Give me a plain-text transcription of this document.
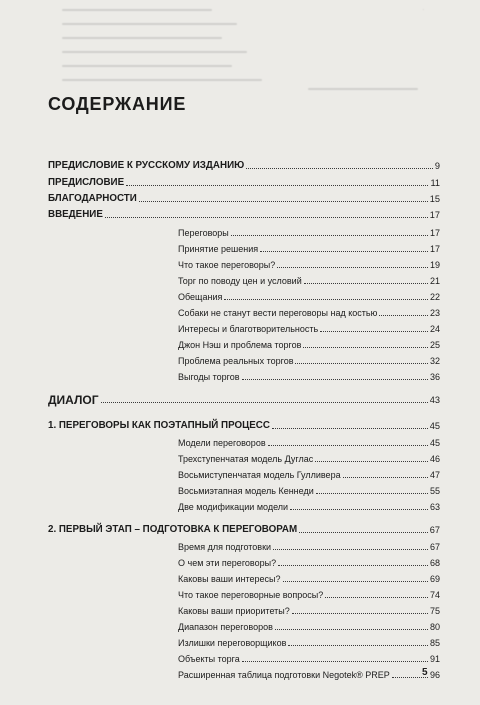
·
СОДЕРЖАНИЕ
ПРЕДИСЛОВИЕ К РУССКОМУ ИЗДАНИЮ	9
ПРЕДИСЛОВИЕ	11
БЛАГОДАРНОСТИ	15
ВВЕДЕНИЕ	17
Переговоры	17
Принятие решения	17
Что такое переговоры?	19
Торг по поводу цен и условий	21
Обещания	22
Собаки не станут вести переговоры над костью	23
Интересы и благотворительность	24
Джон Нэш и проблема торгов	25
Проблема реальных торгов	32
Выгоды торгов	36
ДИАЛОГ	43
1. ПЕРЕГОВОРЫ КАК ПОЭТАПНЫЙ ПРОЦЕСС	45
Модели переговоров	45
Трехступенчатая модель Дуглас	46
Восьмиступенчатая модель Гулливера	47
Восьмиэтапная модель Кеннеди	55
Две модификации модели	63
2. ПЕРВЫЙ ЭТАП – ПОДГОТОВКА К ПЕРЕГОВОРАМ	67
Время для подготовки	67
О чем эти переговоры?	68
Каковы ваши интересы?	69
Что такое переговорные вопросы?	74
Каковы ваши приоритеты?	75
Диапазон переговоров	80
Излишки переговорщиков	85
Объекты торга	91
Расширенная таблица подготовки Negotek® PREP	96
5
